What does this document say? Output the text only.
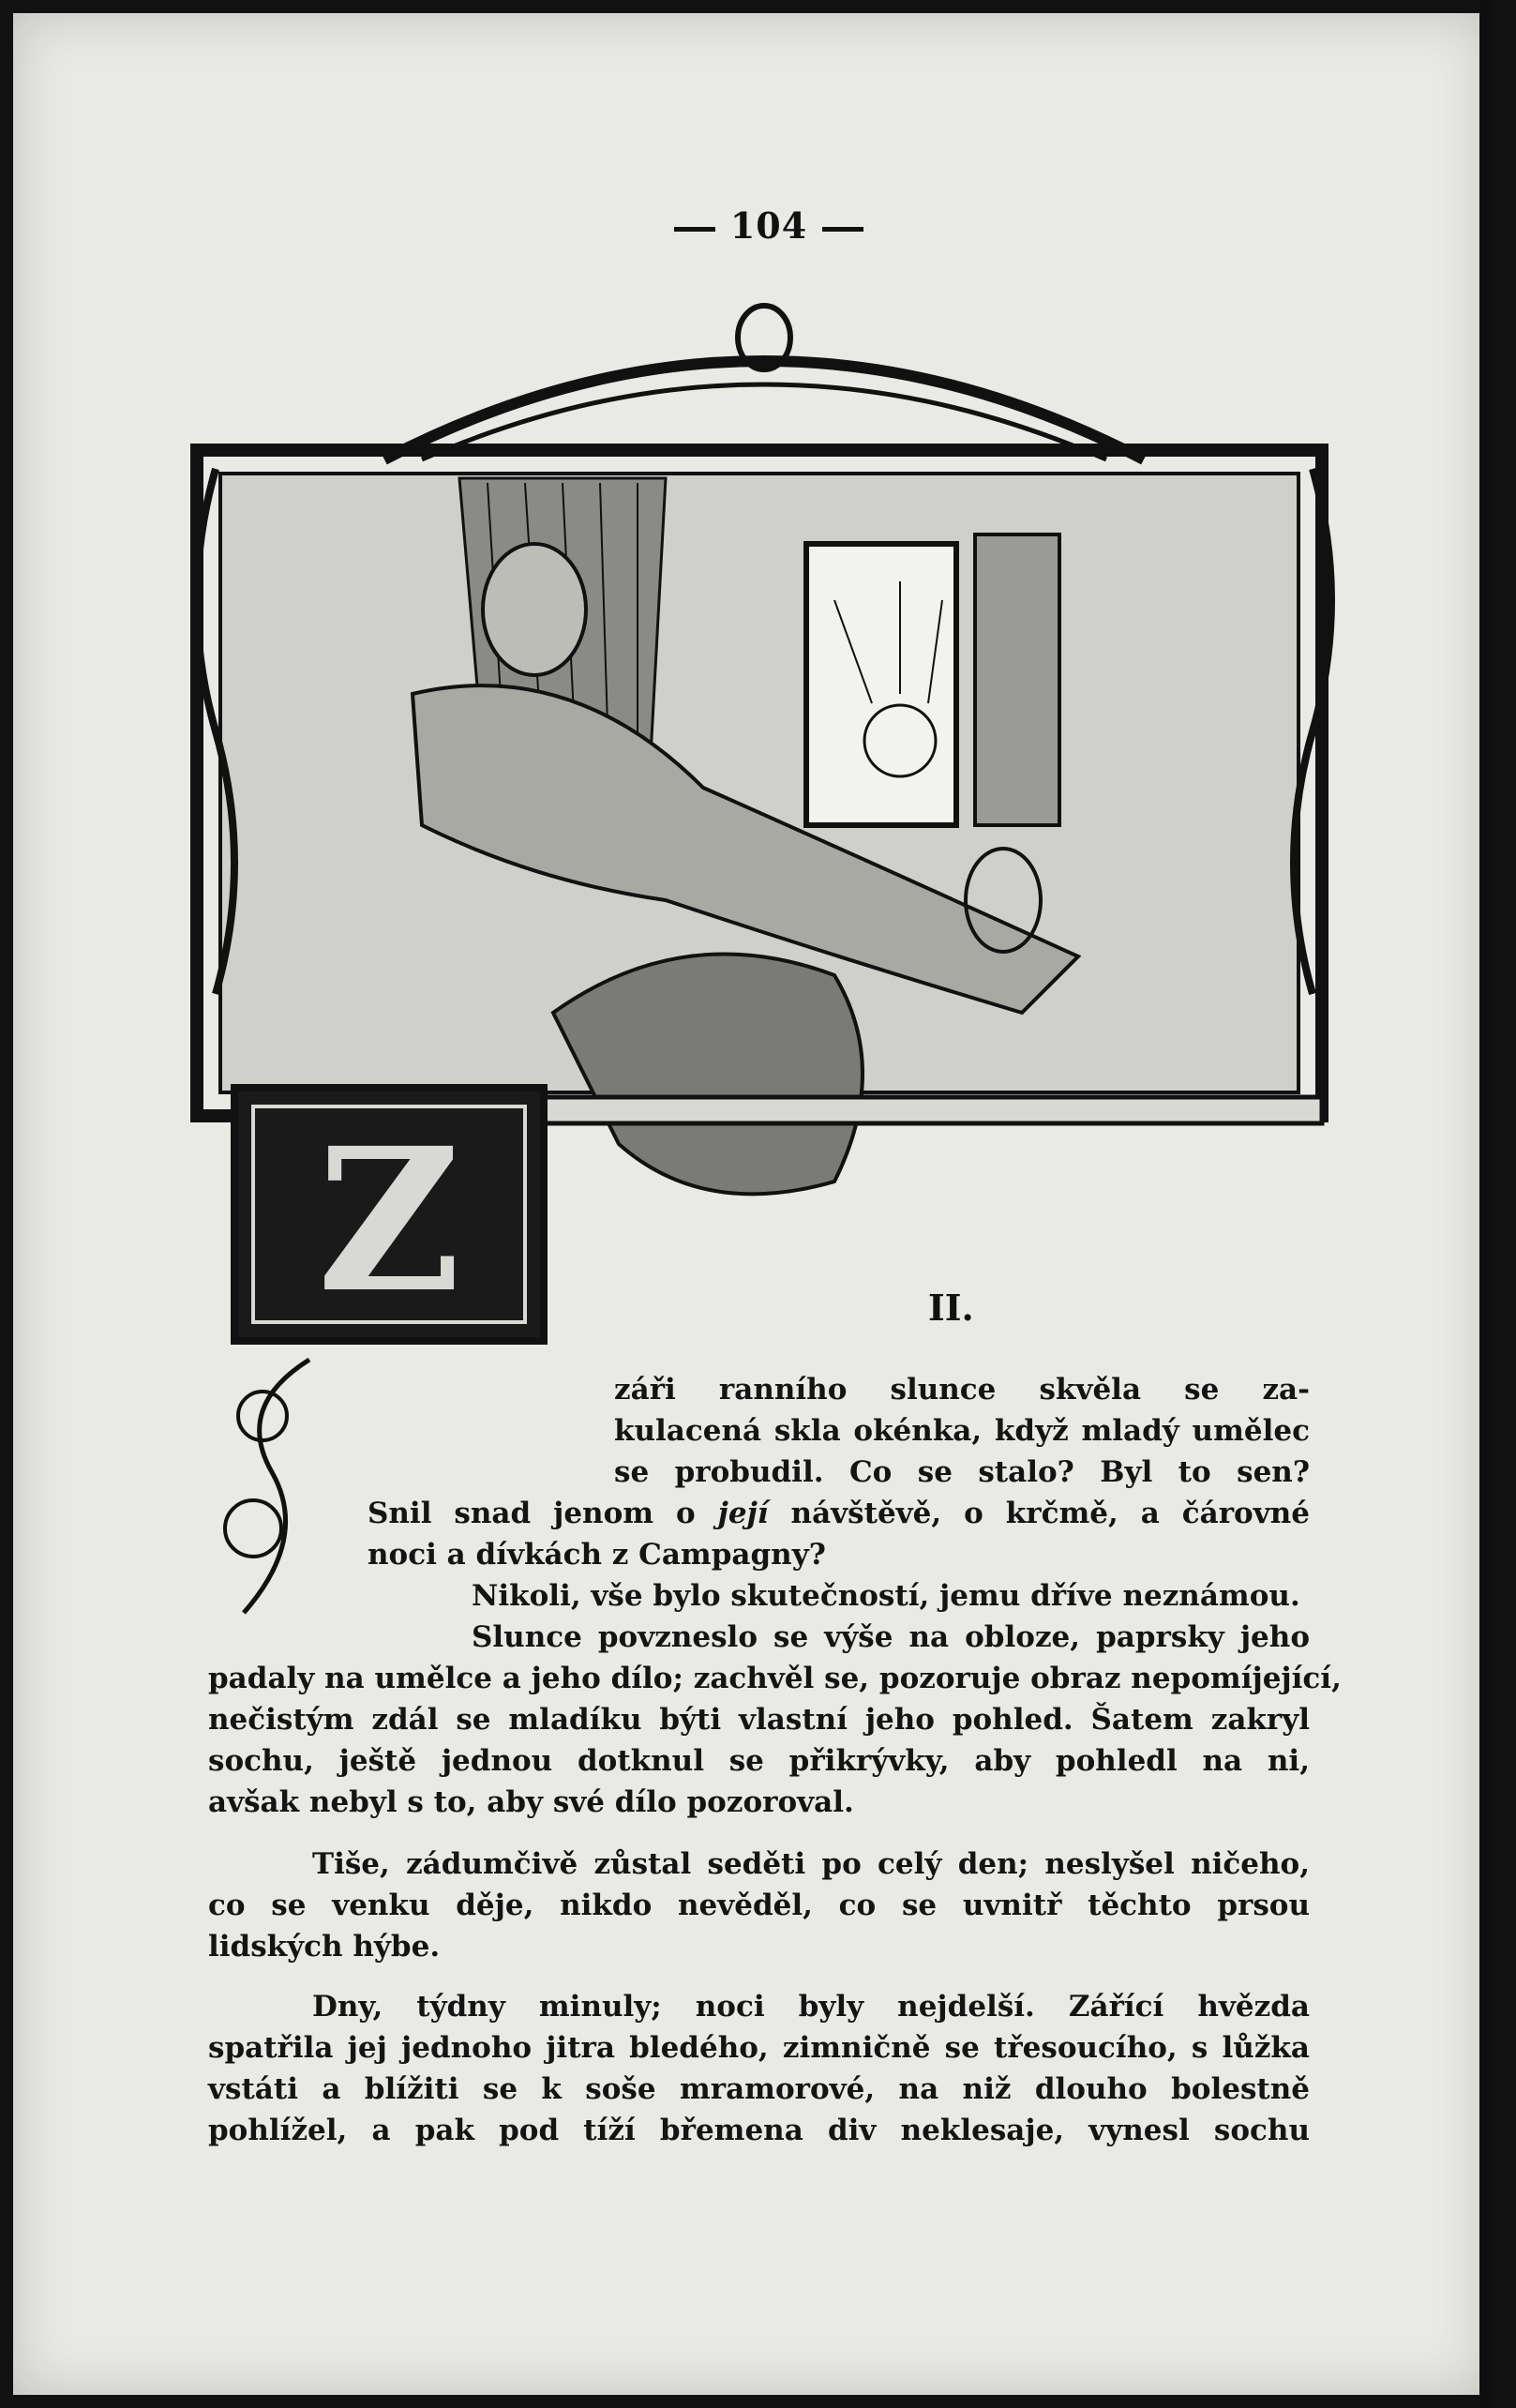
104
Z	II.
záři ranního slunce skvěla se za-
kulacená skla okénka, když mladý umělec
se probudil. Co se stalo? Byl to sen?
Snil snad jenom o její návštěvě, o krčmě, a čárovné
noci a dívkách z Campagny?
Nikoli, vše bylo skutečností, jemu dříve neznámou.
Slunce povzneslo se výše na obloze, paprsky jeho
padaly na umělce a jeho dílo; zachvěl se, pozoruje obraz nepomíjející,
nečistým zdál se mladíku býti vlastní jeho pohled. Šatem zakryl
sochu, ještě jednou dotknul se přikrývky, aby pohledl na ni,
avšak nebyl s to, aby své dílo pozoroval.
Tiše, zádumčivě zůstal seděti po celý den; neslyšel ničeho,
co se venku děje, nikdo nevěděl, co se uvnitř těchto prsou
lidských hýbe.
Dny, týdny minuly; noci byly nejdelší. Zářící hvězda
spatřila jej jednoho jitra bledého, zimničně se třesoucího, s lůžka
vstáti a blížiti se k soše mramorové, na niž dlouho bolestně
pohlížel, a pak pod tíží břemena div neklesaje, vynesl sochu
